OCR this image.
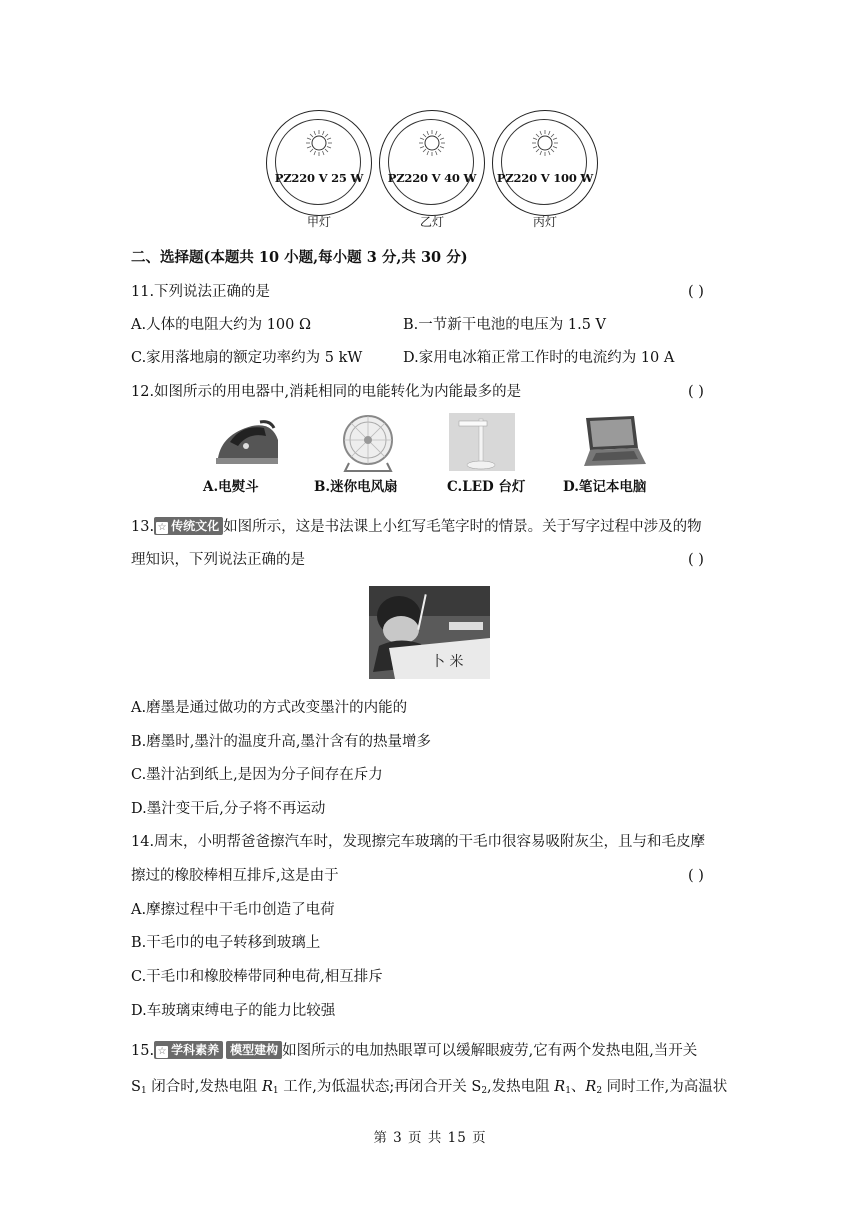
PZ220 V 25 W
甲灯
PZ220 V 40 W
乙灯
PZ220 V 100 W
丙灯
二、选择题(本题共 10 小题,每小题 3 分,共 30 分)
11.下列说法正确的是	( )
A.人体的电阻大约为 100 Ω	B.一节新干电池的电压为 1.5 V
C.家用落地扇的额定功率约为 5 kW	D.家用电冰箱正常工作时的电流约为 10 A
12.如图所示的用电器中,消耗相同的电能转化为内能最多的是	( )
A.电熨斗	B.迷你电风扇	C.LED 台灯	D.笔记本电脑
13. ☆ 传统文化 如图所示，这是书法课上小红写毛笔字时的情景。关于写字过程中涉及的物
理知识，下列说法正确的是	( )
卜 米
A.磨墨是通过做功的方式改变墨汁的内能的
B.磨墨时,墨汁的温度升高,墨汁含有的热量增多
C.墨汁沾到纸上,是因为分子间存在斥力
D.墨汁变干后,分子将不再运动
14.周末，小明帮爸爸擦汽车时，发现擦完车玻璃的干毛巾很容易吸附灰尘，且与和毛皮摩
擦过的橡胶棒相互排斥,这是由于	( )
A.摩擦过程中干毛巾创造了电荷
B.干毛巾的电子转移到玻璃上
C.干毛巾和橡胶棒带同种电荷,相互排斥
D.车玻璃束缚电子的能力比较强
15. ☆ 学科素养 模型建构 如图所示的电加热眼罩可以缓解眼疲劳,它有两个发热电阻,当开关
$S_1$ 闭合时,发热电阻 $R_1$ 工作,为低温状态;再闭合开关 $S_2$,发热电阻 $R_1$、$R_2$ 同时工作,为高温状
第 3 页 共 15 页
